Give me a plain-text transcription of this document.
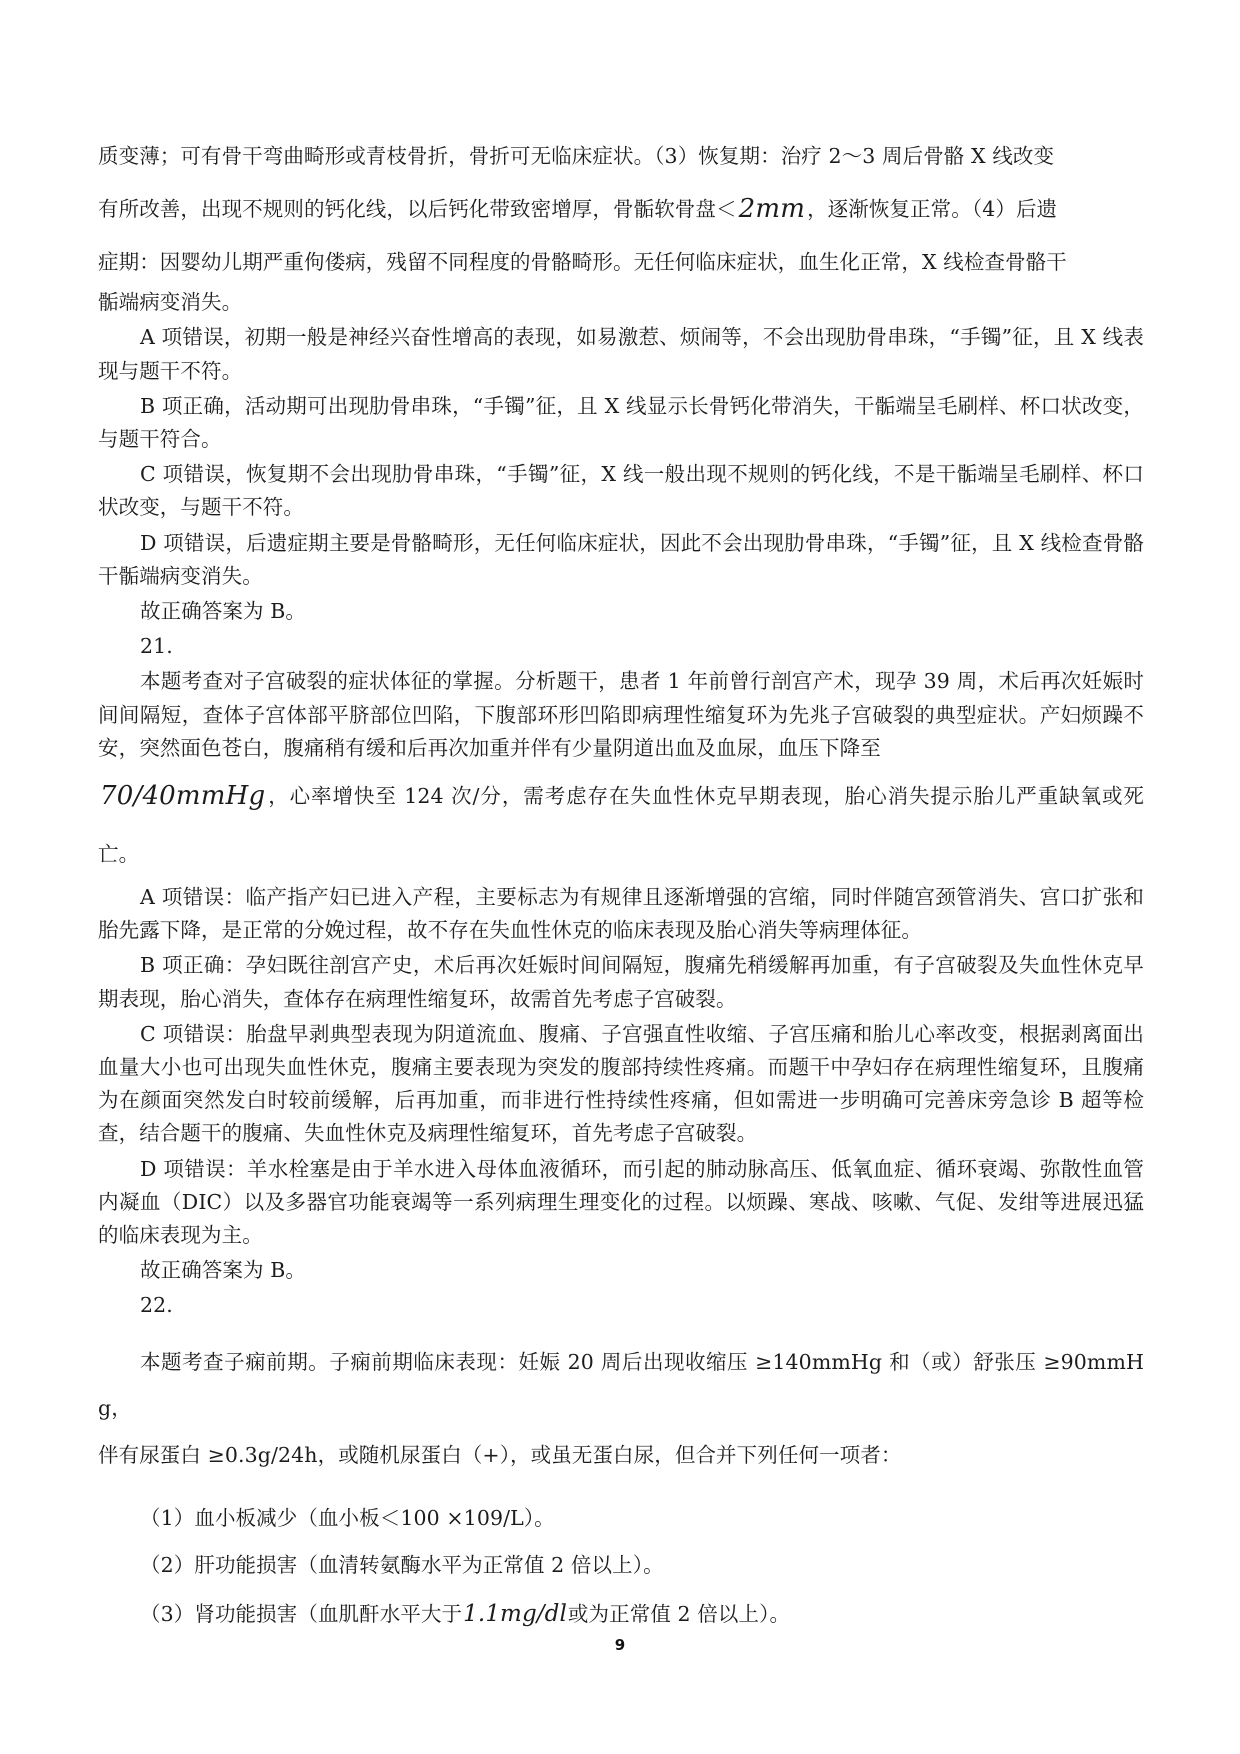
质变薄；可有骨干弯曲畸形或青枝骨折，骨折可无临床症状。（3）恢复期：治疗 2～3 周后骨骼 X 线改变

有所改善，出现不规则的钙化线，以后钙化带致密增厚，骨骺软骨盘＜2mm，逐渐恢复正常。（4）后遗
症期：因婴幼儿期严重佝偻病，残留不同程度的骨骼畸形。无任何临床症状，血生化正常，X 线检查骨骼干

骺端病变消失。

A 项错误，初期一般是神经兴奋性增高的表现，如易激惹、烦闹等，不会出现肋骨串珠，“手镯”征，且 X 线表现与题干不符。

B 项正确，活动期可出现肋骨串珠，“手镯”征，且 X 线显示长骨钙化带消失，干骺端呈毛刷样、杯口状改变，与题干符合。

C 项错误，恢复期不会出现肋骨串珠，“手镯”征，X 线一般出现不规则的钙化线，不是干骺端呈毛刷样、杯口状改变，与题干不符。

D 项错误，后遗症期主要是骨骼畸形，无任何临床症状，因此不会出现肋骨串珠，“手镯”征，且 X 线检查骨骼干骺端病变消失。

故正确答案为 B。

21.

本题考查对子宫破裂的症状体征的掌握。分析题干，患者 1 年前曾行剖宫产术，现孕 39 周，术后再次妊娠时间间隔短，查体子宫体部平脐部位凹陷，下腹部环形凹陷即病理性缩复环为先兆子宫破裂的典型症状。产妇烦躁不安，突然面色苍白，腹痛稍有缓和后再次加重并伴有少量阴道出血及血尿，血压下降至

70/40mmHg，心率增快至 124 次/分，需考虑存在失血性休克早期表现，胎心消失提示胎儿严重缺氧或死亡。

A 项错误：临产指产妇已进入产程，主要标志为有规律且逐渐增强的宫缩，同时伴随宫颈管消失、宫口扩张和胎先露下降，是正常的分娩过程，故不存在失血性休克的临床表现及胎心消失等病理体征。

B 项正确：孕妇既往剖宫产史，术后再次妊娠时间间隔短，腹痛先稍缓解再加重，有子宫破裂及失血性休克早期表现，胎心消失，查体存在病理性缩复环，故需首先考虑子宫破裂。

C 项错误：胎盘早剥典型表现为阴道流血、腹痛、子宫强直性收缩、子宫压痛和胎儿心率改变，根据剥离面出血量大小也可出现失血性休克，腹痛主要表现为突发的腹部持续性疼痛。而题干中孕妇存在病理性缩复环，且腹痛为在颜面突然发白时较前缓解，后再加重，而非进行性持续性疼痛，但如需进一步明确可完善床旁急诊 B 超等检查，结合题干的腹痛、失血性休克及病理性缩复环，首先考虑子宫破裂。

D 项错误：羊水栓塞是由于羊水进入母体血液循环，而引起的肺动脉高压、低氧血症、循环衰竭、弥散性血管内凝血（DIC）以及多器官功能衰竭等一系列病理生理变化的过程。以烦躁、寒战、咳嗽、气促、发绀等进展迅猛的临床表现为主。

故正确答案为 B。

22.

本题考查子痫前期。子痫前期临床表现：妊娠 20 周后出现收缩压 ≥140mmHg 和（或）舒张压 ≥90mmHg，

伴有尿蛋白 ≥0.3g/24h，或随机尿蛋白（+），或虽无蛋白尿，但合并下列任何一项者：

（1）血小板减少（血小板＜100 ×109/L）。

（2）肝功能损害（血清转氨酶水平为正常值 2 倍以上）。

（3）肾功能损害（血肌酐水平大于1.1mg/dl或为正常值 2 倍以上）。

9
